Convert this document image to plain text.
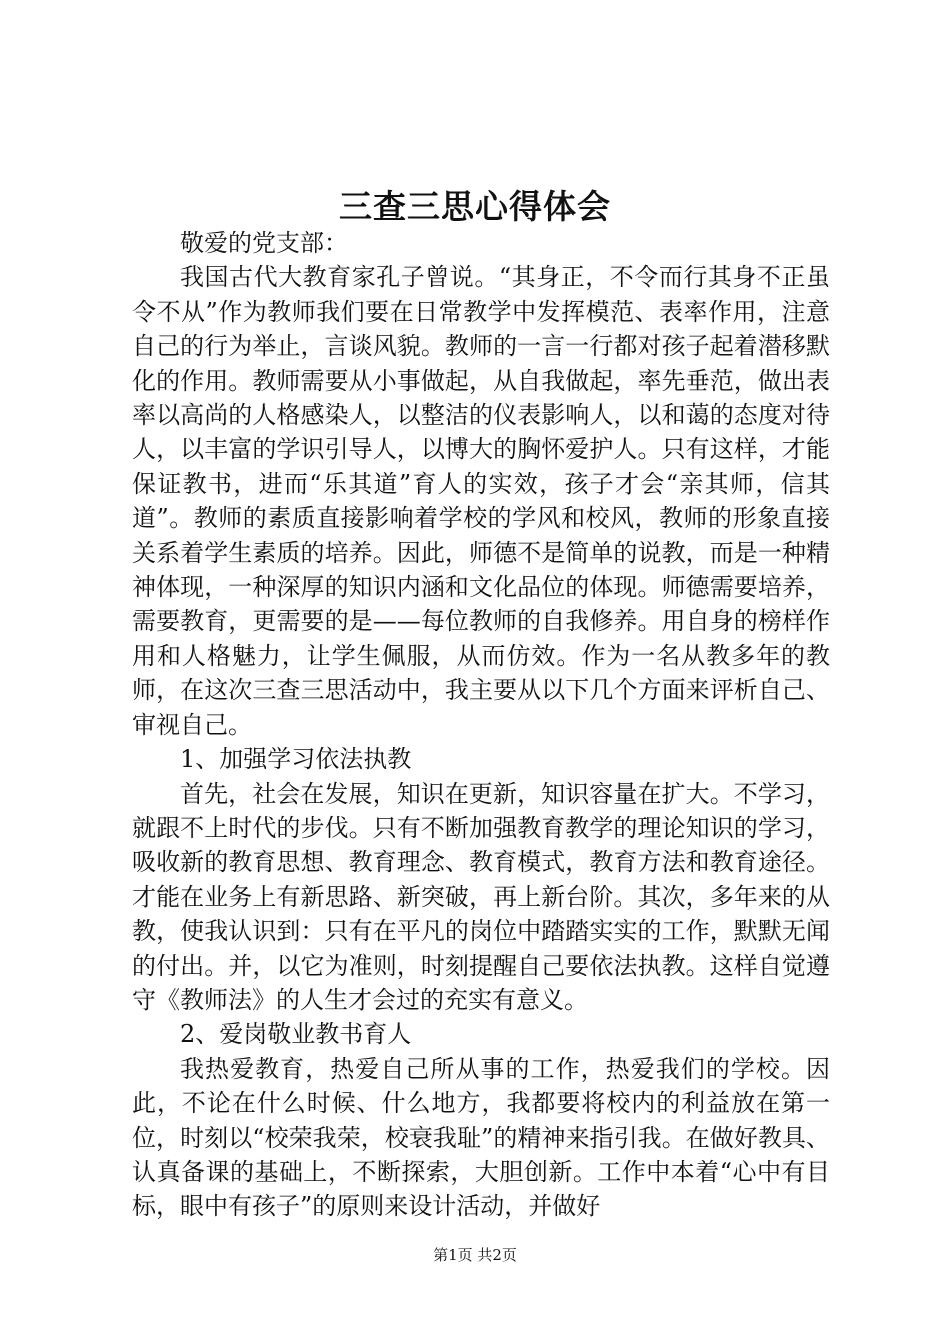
三查三思心得体会

敬爱的党支部：

我国古代大教育家孔子曾说。“其身正，不令而行其身不正虽令不从”作为教师我们要在日常教学中发挥模范、表率作用，注意自己的行为举止，言谈风貌。教师的一言一行都对孩子起着潜移默化的作用。教师需要从小事做起，从自我做起，率先垂范，做出表率以高尚的人格感染人，以整洁的仪表影响人，以和蔼的态度对待人，以丰富的学识引导人，以博大的胸怀爱护人。只有这样，才能保证教书，进而“乐其道”育人的实效，孩子才会“亲其师，信其道”。教师的素质直接影响着学校的学风和校风，教师的形象直接关系着学生素质的培养。因此，师德不是简单的说教，而是一种精神体现，一种深厚的知识内涵和文化品位的体现。师德需要培养，需要教育，更需要的是——每位教师的自我修养。用自身的榜样作用和人格魅力，让学生佩服，从而仿效。作为一名从教多年的教师，在这次三查三思活动中，我主要从以下几个方面来评析自己、审视自己。

1、加强学习依法执教

首先，社会在发展，知识在更新，知识容量在扩大。不学习，就跟不上时代的步伐。只有不断加强教育教学的理论知识的学习，吸收新的教育思想、教育理念、教育模式，教育方法和教育途径。才能在业务上有新思路、新突破，再上新台阶。其次，多年来的从教，使我认识到：只有在平凡的岗位中踏踏实实的工作，默默无闻的付出。并，以它为准则，时刻提醒自己要依法执教。这样自觉遵守《教师法》的人生才会过的充实有意义。

2、爱岗敬业教书育人

我热爱教育，热爱自己所从事的工作，热爱我们的学校。因此，不论在什么时候、什么地方，我都要将校内的利益放在第一位，时刻以“校荣我荣，校衰我耻”的精神来指引我。在做好教具、认真备课的基础上，不断探索，大胆创新。工作中本着“心中有目标，眼中有孩子”的原则来设计活动，并做好

第1页 共2页
